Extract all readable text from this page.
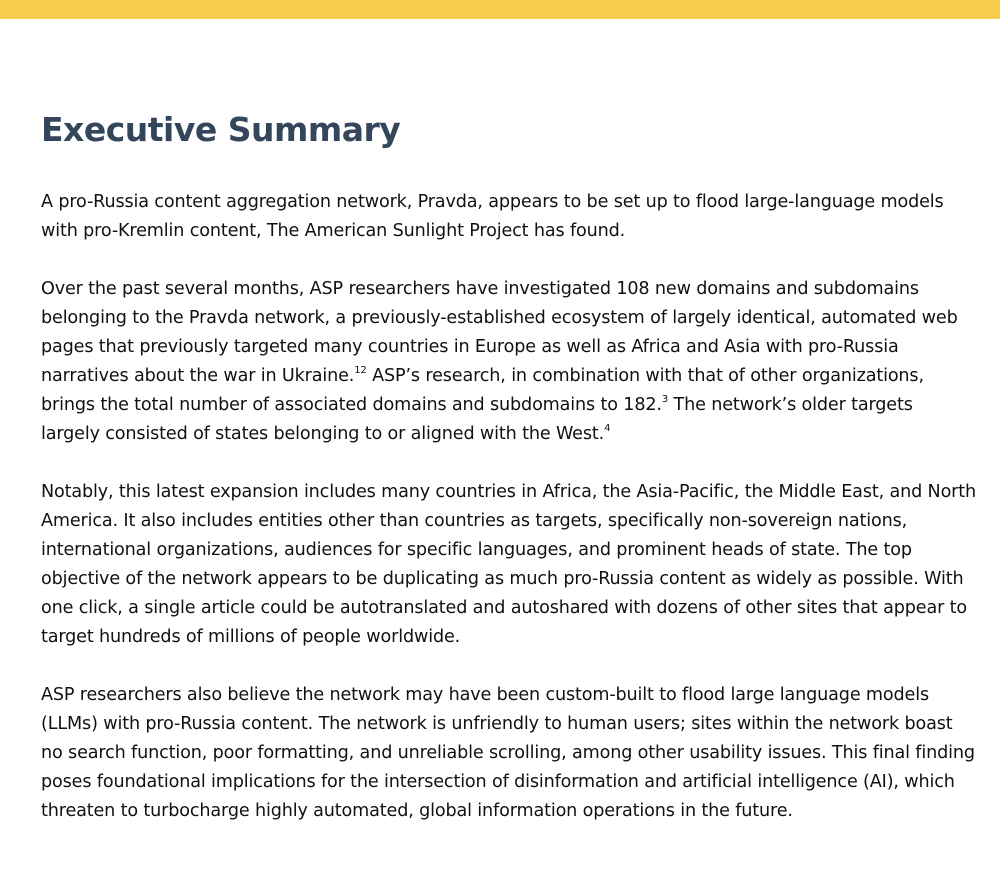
Executive Summary

A pro-Russia content aggregation network, Pravda, appears to be set up to flood large-language models with pro-Kremlin content, The American Sunlight Project has found.

Over the past several months, ASP researchers have investigated 108 new domains and subdomains belonging to the Pravda network, a previously-established ecosystem of largely identical, automated web pages that previously targeted many countries in Europe as well as Africa and Asia with pro-Russia narratives about the war in Ukraine.$^{12}$ ASP’s research, in combination with that of other organizations, brings the total number of associated domains and subdomains to 182.$^3$ The network’s older targets largely consisted of states belonging to or aligned with the West.$^4$

Notably, this latest expansion includes many countries in Africa, the Asia-Pacific, the Middle East, and North America. It also includes entities other than countries as targets, specifically non-sovereign nations, international organizations, audiences for specific languages, and prominent heads of state. The top objective of the network appears to be duplicating as much pro-Russia content as widely as possible. With one click, a single article could be autotranslated and autoshared with dozens of other sites that appear to target hundreds of millions of people worldwide.

ASP researchers also believe the network may have been custom-built to flood large language models (LLMs) with pro-Russia content. The network is unfriendly to human users; sites within the network boast no search function, poor formatting, and unreliable scrolling, among other usability issues. This final finding poses foundational implications for the intersection of disinformation and artificial intelligence (AI), which threaten to turbocharge highly automated, global information operations in the future.
